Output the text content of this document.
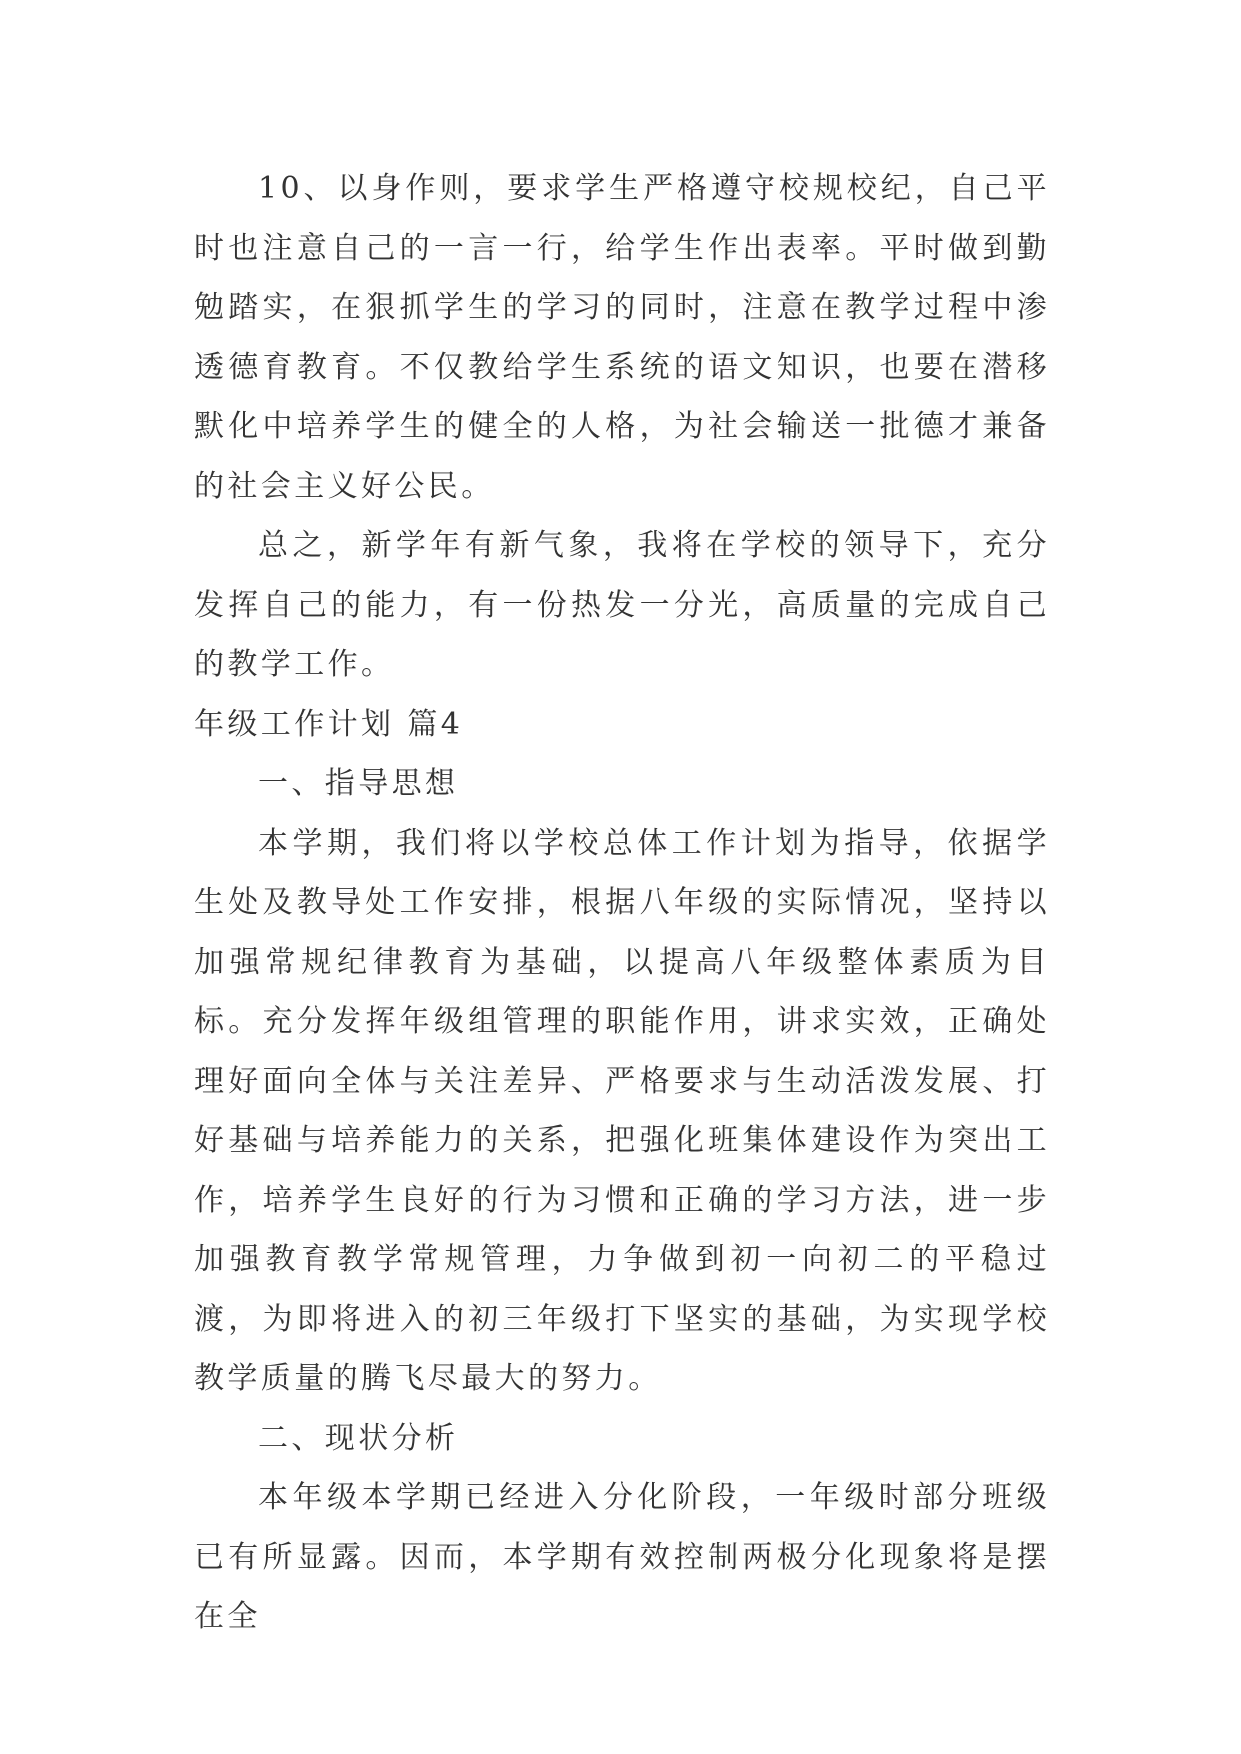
10、以身作则，要求学生严格遵守校规校纪，自己平时也注意自己的一言一行，给学生作出表率。平时做到勤勉踏实，在狠抓学生的学习的同时，注意在教学过程中渗透德育教育。不仅教给学生系统的语文知识，也要在潜移默化中培养学生的健全的人格，为社会输送一批德才兼备的社会主义好公民。

总之，新学年有新气象，我将在学校的领导下，充分发挥自己的能力，有一份热发一分光，高质量的完成自己的教学工作。

年级工作计划 篇4

一、指导思想

本学期，我们将以学校总体工作计划为指导，依据学生处及教导处工作安排，根据八年级的实际情况，坚持以加强常规纪律教育为基础，以提高八年级整体素质为目标。充分发挥年级组管理的职能作用，讲求实效，正确处理好面向全体与关注差异、严格要求与生动活泼发展、打好基础与培养能力的关系，把强化班集体建设作为突出工作，培养学生良好的行为习惯和正确的学习方法，进一步加强教育教学常规管理，力争做到初一向初二的平稳过渡，为即将进入的初三年级打下坚实的基础，为实现学校教学质量的腾飞尽最大的努力。

二、现状分析

本年级本学期已经进入分化阶段，一年级时部分班级已有所显露。因而，本学期有效控制两极分化现象将是摆在全
